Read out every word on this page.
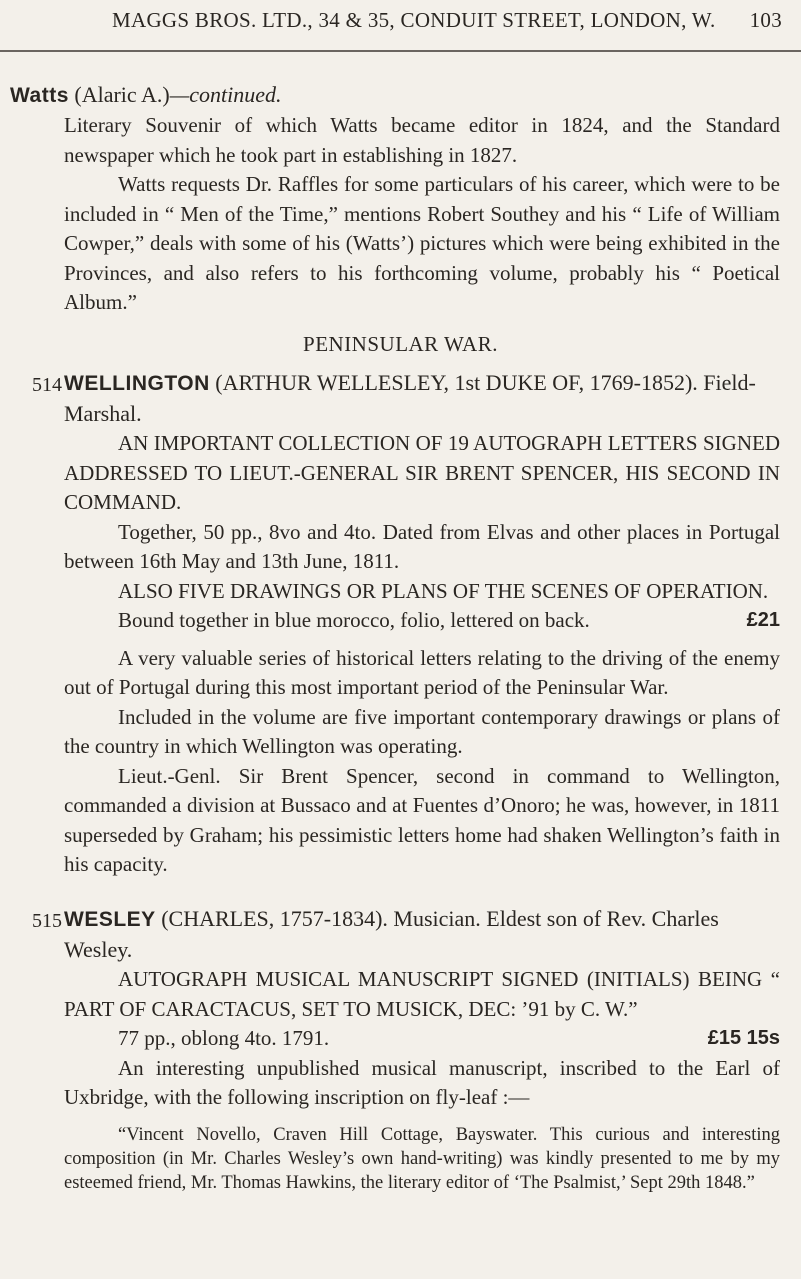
MAGGS BROS. LTD., 34 & 35, CONDUIT STREET, LONDON, W. 103
Watts (Alaric A.)—continued.

Literary Souvenir of which Watts became editor in 1824, and the Standard newspaper which he took part in establishing in 1827.

Watts requests Dr. Raffles for some particulars of his career, which were to be included in “ Men of the Time,” mentions Robert Southey and his “ Life of William Cowper,” deals with some of his (Watts’) pictures which were being exhibited in the Provinces, and also refers to his forthcoming volume, probably his “ Poetical Album.”

PENINSULAR WAR.
514 WELLINGTON (ARTHUR WELLESLEY, 1st DUKE OF, 1769-1852). Field-Marshal.

AN IMPORTANT COLLECTION OF 19 AUTOGRAPH LETTERS SIGNED ADDRESSED TO LIEUT.-GENERAL SIR BRENT SPENCER, HIS SECOND IN COMMAND.

Together, 50 pp., 8vo and 4to. Dated from Elvas and other places in Portugal between 16th May and 13th June, 1811.

ALSO FIVE DRAWINGS OR PLANS OF THE SCENES OF OPERATION.

Bound together in blue morocco, folio, lettered on back.	£21

A very valuable series of historical letters relating to the driving of the enemy out of Portugal during this most important period of the Peninsular War.

Included in the volume are five important contemporary drawings or plans of the country in which Wellington was operating.

Lieut.-Genl. Sir Brent Spencer, second in command to Wellington, commanded a division at Bussaco and at Fuentes d’Onoro; he was, however, in 1811 superseded by Graham; his pessimistic letters home had shaken Wellington’s faith in his capacity.

515 WESLEY (CHARLES, 1757-1834). Musician. Eldest son of Rev. Charles Wesley.

AUTOGRAPH MUSICAL MANUSCRIPT SIGNED (INITIALS) BEING “ PART OF CARACTACUS, SET TO MUSICK, DEC: ’91 by C. W.”

77 pp., oblong 4to. 1791.	£15 15s

An interesting unpublished musical manuscript, inscribed to the Earl of Uxbridge, with the following inscription on fly-leaf :—

“Vincent Novello, Craven Hill Cottage, Bayswater. This curious and interesting composition (in Mr. Charles Wesley’s own hand-writing) was kindly presented to me by my esteemed friend, Mr. Thomas Hawkins, the literary editor of ‘The Psalmist,’ Sept 29th 1848.”
